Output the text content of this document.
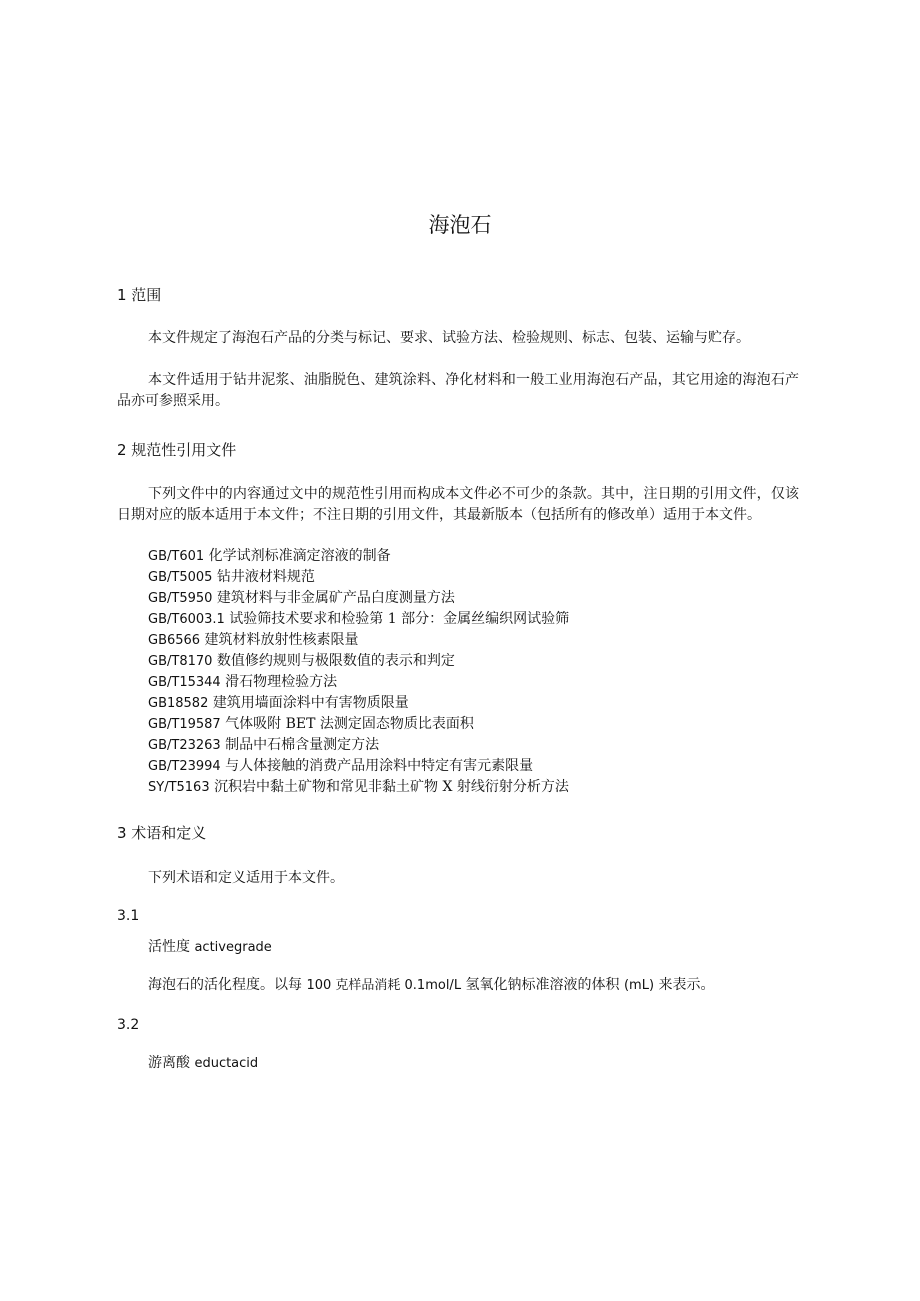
海泡石
1 范围

本文件规定了海泡石产品的分类与标记、要求、试验方法、检验规则、标志、包装、运输与贮存。

本文件适用于钻井泥浆、油脂脱色、建筑涂料、净化材料和一般工业用海泡石产品，其它用途的海泡石产品亦可参照采用。

2 规范性引用文件

下列文件中的内容通过文中的规范性引用而构成本文件必不可少的条款。其中，注日期的引用文件，仅该日期对应的版本适用于本文件；不注日期的引用文件，其最新版本（包括所有的修改单）适用于本文件。

GB/T601 化学试剂标准滴定溶液的制备
GB/T5005 钻井液材料规范
GB/T5950 建筑材料与非金属矿产品白度测量方法
GB/T6003.1 试验筛技术要求和检验第 1 部分：金属丝编织网试验筛
GB6566 建筑材料放射性核素限量
GB/T8170 数值修约规则与极限数值的表示和判定
GB/T15344 滑石物理检验方法
GB18582 建筑用墙面涂料中有害物质限量
GB/T19587 气体吸附 BET 法测定固态物质比表面积
GB/T23263 制品中石棉含量测定方法
GB/T23994 与人体接触的消费产品用涂料中特定有害元素限量
SY/T5163 沉积岩中黏土矿物和常见非黏土矿物 X 射线衍射分析方法
3 术语和定义
下列术语和定义适用于本文件。
3.1
活性度 activegrade
海泡石的活化程度。以每 100 克样品消耗 0.1mol/L 氢氧化钠标准溶液的体积 (mL) 来表示。
3.2
游离酸 eductacid
